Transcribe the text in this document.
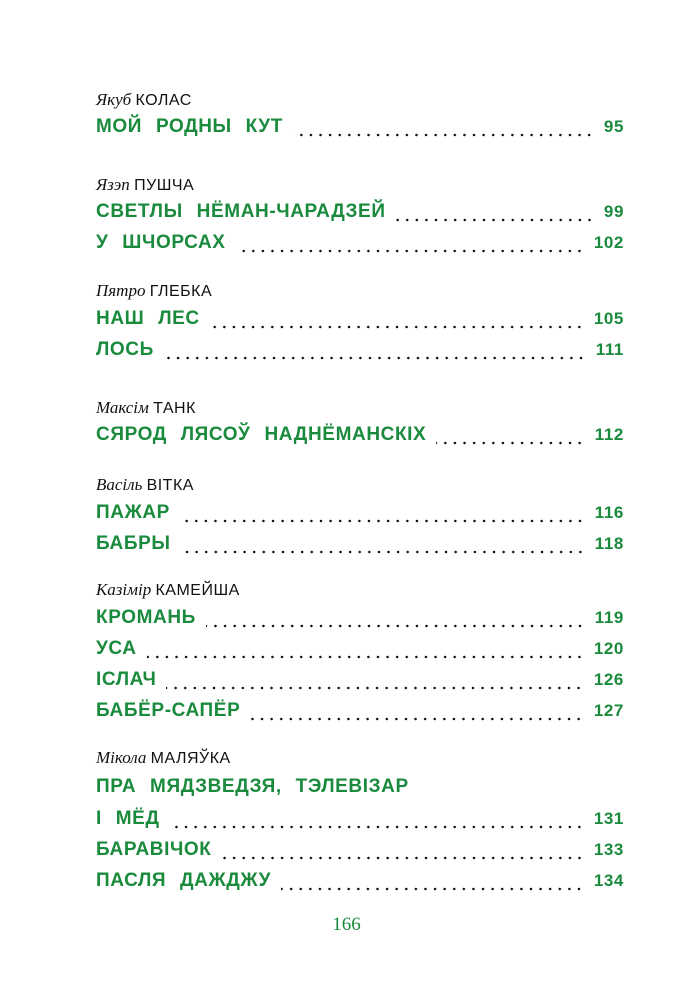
Якуб КОЛАС
МОЙ РОДНЫ КУТ	95
Язэп ПУШЧА
СВЕТЛЫ НЁМАН-ЧАРАДЗЕЙ	99
У ШЧОРСАХ	102
Пятро ГЛЕБКА
НАШ ЛЕС	105
ЛОСЬ	111
Максім ТАНК
СЯРОД ЛЯСОЎ НАДНЁМАНСКІХ	112
Васіль ВІТКА
ПАЖАР	116
БАБРЫ	118
Казімір КАМЕЙША
КРОМАНЬ	119
УСА	120
ІСЛАЧ	126
БАБЁР-САПЁР	127
Мікола МАЛЯЎКА
ПРА МЯДЗВЕДЗЯ, ТЭЛЕВІЗАР
І МЁД	131
БАРАВІЧОК	133
ПАСЛЯ ДАЖДЖУ	134
166
